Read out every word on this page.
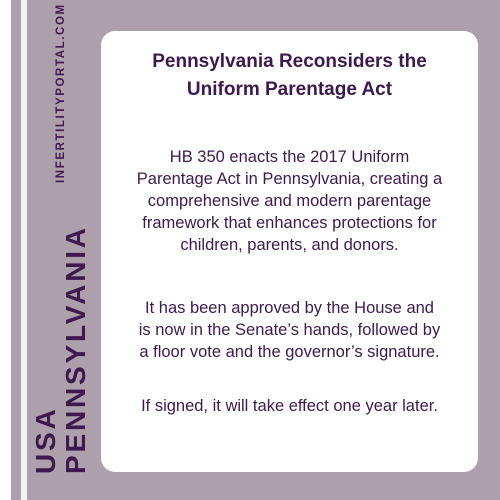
INFERTILITYPORTAL.COM
USA PENNSYLVANIA
Pennsylvania Reconsiders the
Uniform Parentage Act
HB 350 enacts the 2017 Uniform
Parentage Act in Pennsylvania, creating a
comprehensive and modern parentage
framework that enhances protections for
children, parents, and donors.
It has been approved by the House and
is now in the Senate’s hands, followed by
a floor vote and the governor’s signature.
If signed, it will take effect one year later.
